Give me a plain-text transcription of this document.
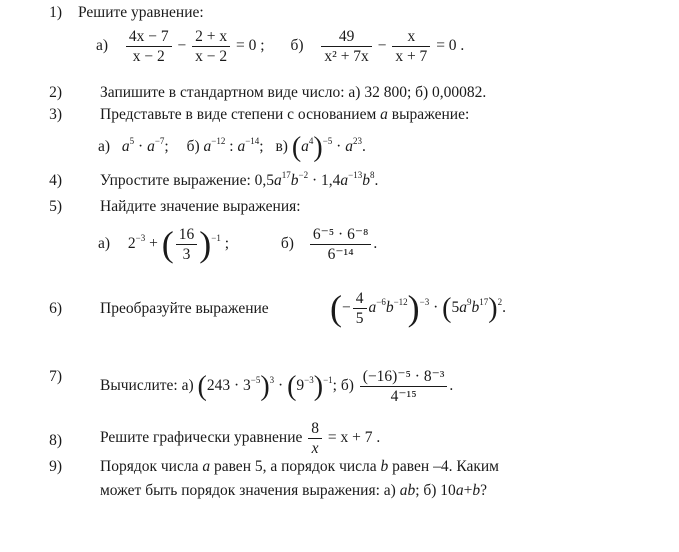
1) Решите уравнение:
$а) \frac{4x - 7}{x - 2} - \frac{2 + x}{x - 2} = 0$ ; $б) \frac{49}{\text{x² + 7x}} - \frac{x}{x + 7} = 0$ .
2) Запишите в стандартном виде число: а) 32 800; б) 0,00082.
3) Представьте в виде степени с основанием a выражение:
а) $a^5 \cdot a^{-7}$; б) $a^{-12}$ : $a^{-14}$; в) $(a^4)^{-5} \cdot a^{23}$.
4) Упростите выражение: $0,5a^{17}b^{-2} \cdot 1,4a^{-13}b^8$.
5) Найдите значение выражения:
а) $2^{-3}$ + ( $\frac{16}{3} )^{-1}$ ;	$б) \frac{\text{6⁻⁵ · 6⁻⁸}}{\text{6⁻¹⁴}}$ .
6) Преобразуйте выражение (− $\frac{4}{5} a^{-6}b^{-12})^{-3} \cdot (5a^9b^{17})^2$.
7)
Вычислите: а) $(243 \cdot 3^{-5})^3 \cdot (9^{-3})^{-1}$; $б) \frac{\text{(−16)⁻⁵ · 8⁻³}}{\text{4⁻¹⁵}}$ .
8) Решите графически уравнение $\frac{8}{x} = x + 7$ .
9) Порядок числа a равен 5, а порядок числа b равен –4. Каким
может быть порядок значения выражения: а) ab; б) 10a+b?
